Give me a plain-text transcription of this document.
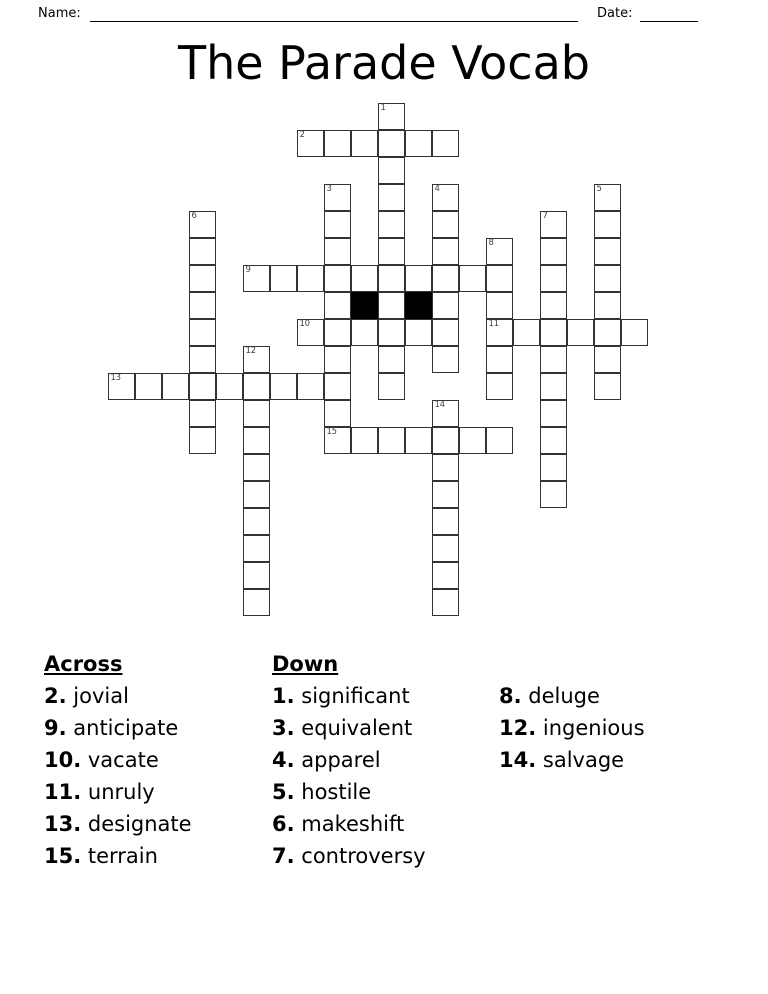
Name:	Date:
The Parade Vocab
1
2
3	4	5
6	7
8
9
10	11
12
13
14
15
Across
2. jovial
9. anticipate
10. vacate
11. unruly
13. designate
15. terrain
Down
1. significant
3. equivalent
4. apparel
5. hostile
6. makeshift
7. controversy
8. deluge
12. ingenious
14. salvage
